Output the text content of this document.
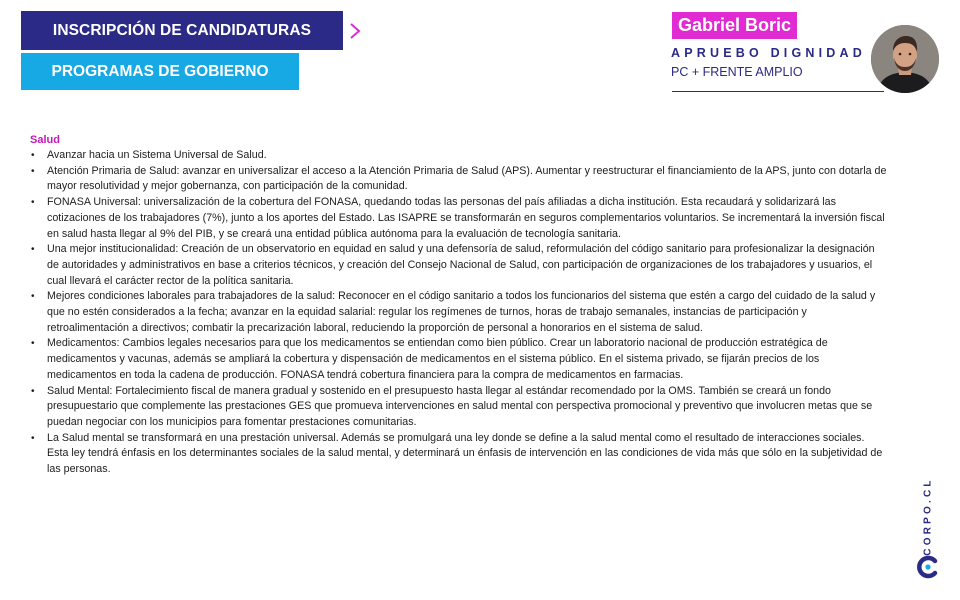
INSCRIPCIÓN DE CANDIDATURAS
PROGRAMAS DE GOBIERNO
Gabriel Boric
APRUEBO DIGNIDAD
PC + FRENTE AMPLIO
Salud
• Avanzar hacia un Sistema Universal de Salud.
• Atención Primaria de Salud: avanzar en universalizar el acceso a la Atención Primaria de Salud (APS). Aumentar y reestructurar el financiamiento de la APS, junto con dotarla de mayor resolutividad y mejor gobernanza, con participación de la comunidad.
• FONASA Universal: universalización de la cobertura del FONASA, quedando todas las personas del país afiliadas a dicha institución. Esta recaudará y solidarizará las cotizaciones de los trabajadores (7%), junto a los aportes del Estado. Las ISAPRE se transformarán en seguros complementarios voluntarios. Se incrementará la inversión fiscal en salud hasta llegar al 9% del PIB, y se creará una entidad pública autónoma para la evaluación de tecnología sanitaria.
• Una mejor institucionalidad: Creación de un observatorio en equidad en salud y una defensoría de salud, reformulación del código sanitario para profesionalizar la designación de autoridades y administrativos en base a criterios técnicos, y creación del Consejo Nacional de Salud, con participación de organizaciones de los trabajadores y usuarios, el cual llevará el carácter rector de la política sanitaria.
• Mejores condiciones laborales para trabajadores de la salud: Reconocer en el código sanitario a todos los funcionarios del sistema que estén a cargo del cuidado de la salud y que no estén considerados a la fecha; avanzar en la equidad salarial: regular los regímenes de turnos, horas de trabajo semanales, instancias de participación y retroalimentación a directivos; combatir la precarización laboral, reduciendo la proporción de personal a honorarios en el sistema de salud.
• Medicamentos: Cambios legales necesarios para que los medicamentos se entiendan como bien público. Crear un laboratorio nacional de producción estratégica de medicamentos y vacunas, además se ampliará la cobertura y dispensación de medicamentos en el sistema público. En el sistema privado, se fijarán precios de los medicamentos en toda la cadena de producción. FONASA tendrá cobertura financiera para la compra de medicamentos en farmacias.
• Salud Mental: Fortalecimiento fiscal de manera gradual y sostenido en el presupuesto hasta llegar al estándar recomendado por la OMS. También se creará un fondo presupuestario que complemente las prestaciones GES que promueva intervenciones en salud mental con perspectiva promocional y preventivo que involucren metas que se puedan negociar con los municipios para fomentar prestaciones comunitarias.
• La Salud mental se transformará en una prestación universal. Además se promulgará una ley donde se define a la salud mental como el resultado de interacciones sociales. Esta ley tendrá énfasis en los determinantes sociales de la salud mental, y determinará un énfasis de intervención en las condiciones de vida más que sólo en la subjetividad de las personas.
CORPO.CL
